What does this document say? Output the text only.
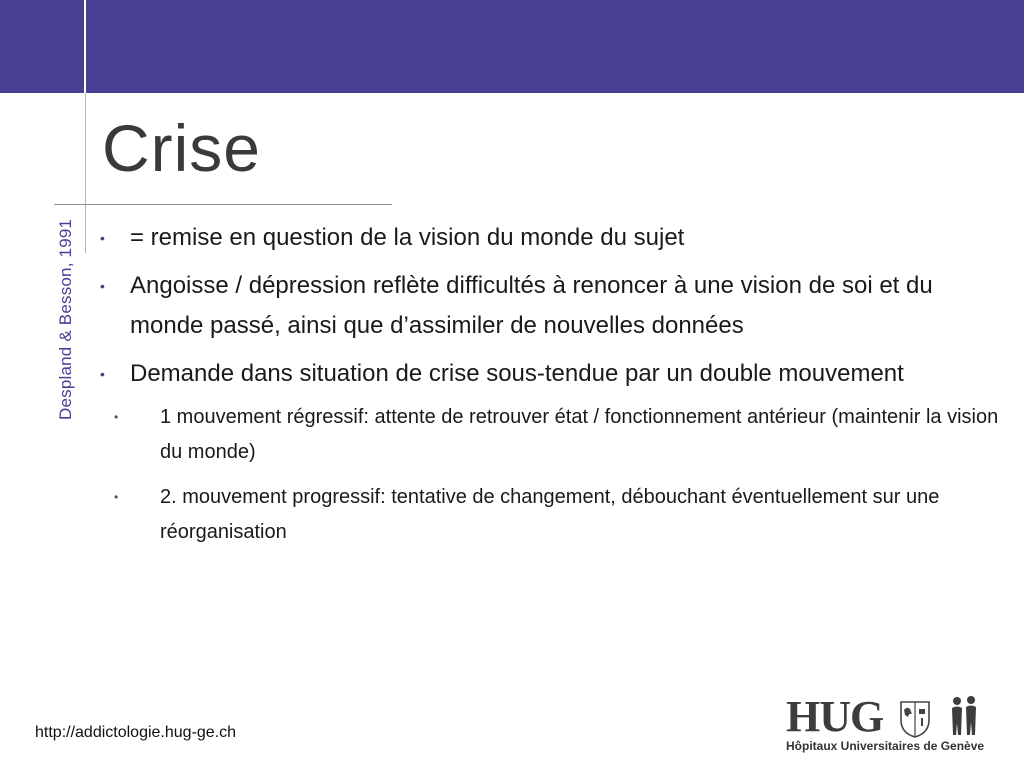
Despland & Besson, 1991
Crise
• = remise en question de la vision du monde du sujet
• Angoisse / dépression reflète difficultés à renoncer à une vision de soi et du monde passé, ainsi que d’assimiler de nouvelles données
• Demande dans situation de crise sous-tendue par un double mouvement
• 1 mouvement régressif: attente de retrouver état / fonctionnement antérieur (maintenir la vision du monde)
• 2. mouvement progressif: tentative de changement, débouchant éventuellement sur une réorganisation
http://addictologie.hug-ge.ch	HUG
Hôpitaux Universitaires de Genève
